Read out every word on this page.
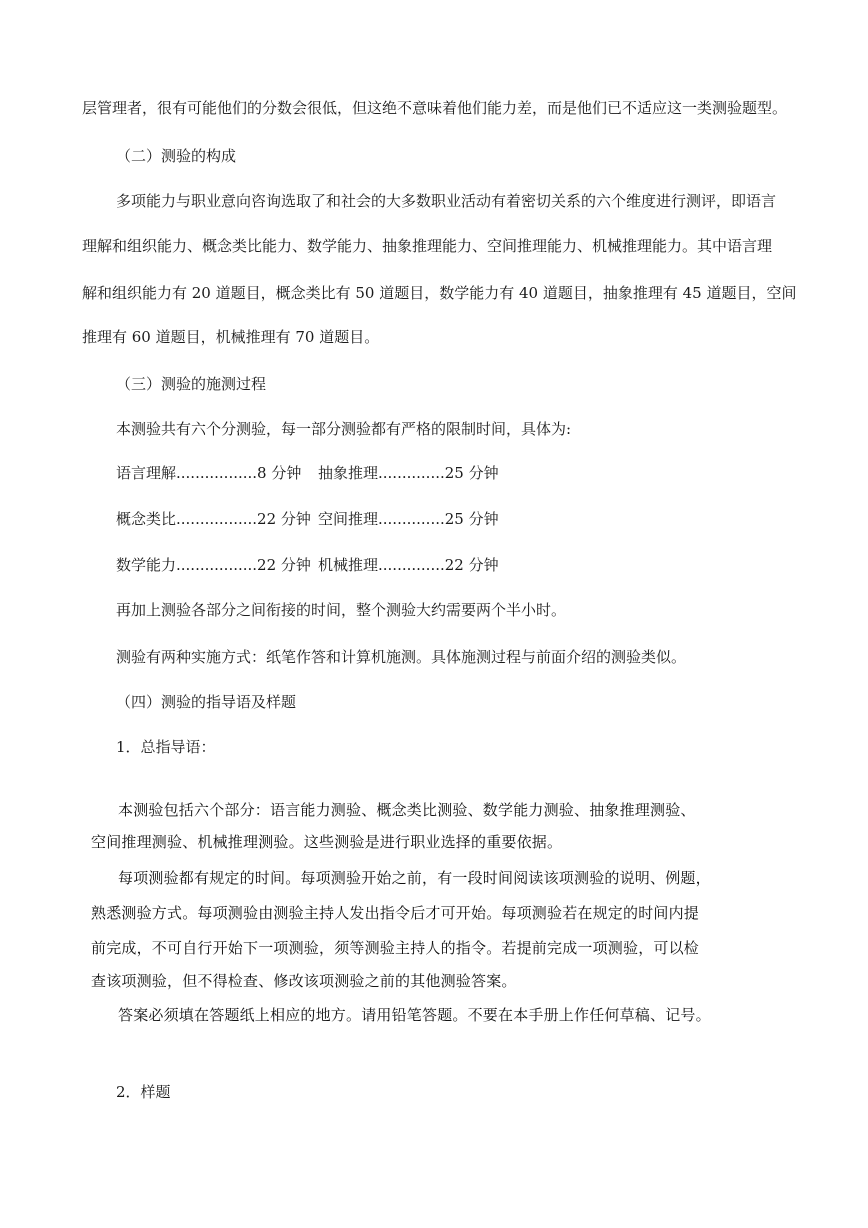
层管理者，很有可能他们的分数会很低，但这绝不意味着他们能力差，而是他们已不适应这一类测验题型。
（二）测验的构成
多项能力与职业意向咨询选取了和社会的大多数职业活动有着密切关系的六个维度进行测评，即语言
理解和组织能力、概念类比能力、数学能力、抽象推理能力、空间推理能力、机械推理能力。其中语言理
解和组织能力有 20 道题目，概念类比有 50 道题目，数学能力有 40 道题目，抽象推理有 45 道题目，空间
推理有 60 道题目，机械推理有 70 道题目。
（三）测验的施测过程
本测验共有六个分测验，每一部分测验都有严格的限制时间，具体为:
语言理解.................8 分钟 抽象推理..............25 分钟
概念类比.................22 分钟 空间推理..............25 分钟
数学能力.................22 分钟 机械推理..............22 分钟
再加上测验各部分之间衔接的时间，整个测验大约需要两个半小时。
测验有两种实施方式：纸笔作答和计算机施测。具体施测过程与前面介绍的测验类似。
（四）测验的指导语及样题
1．总指导语：
本测验包括六个部分：语言能力测验、概念类比测验、数学能力测验、抽象推理测验、
空间推理测验、机械推理测验。这些测验是进行职业选择的重要依据。
每项测验都有规定的时间。每项测验开始之前，有一段时间阅读该项测验的说明、例题，
熟悉测验方式。每项测验由测验主持人发出指令后才可开始。每项测验若在规定的时间内提
前完成，不可自行开始下一项测验，须等测验主持人的指令。若提前完成一项测验，可以检
查该项测验，但不得检查、修改该项测验之前的其他测验答案。
答案必须填在答题纸上相应的地方。请用铅笔答题。不要在本手册上作任何草稿、记号。
2．样题
